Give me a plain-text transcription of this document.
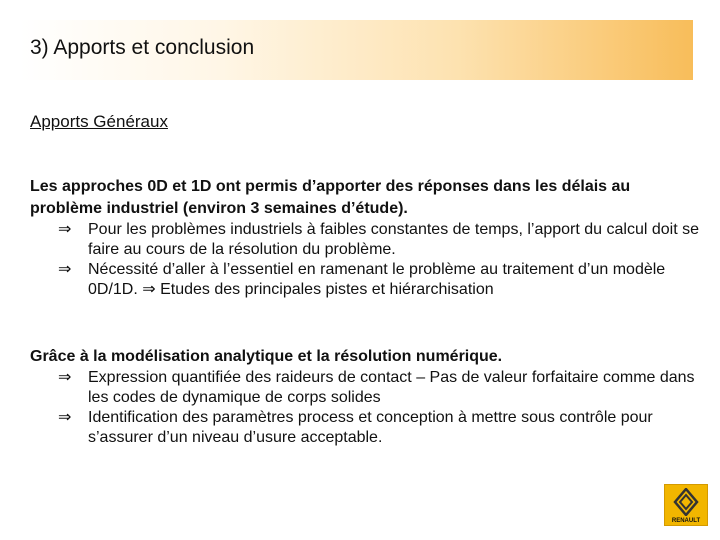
3) Apports et conclusion
Apports Généraux
Les approches 0D et 1D ont permis d’apporter des réponses dans les délais au problème industriel (environ 3 semaines d’étude).
⇒ Pour les problèmes industriels à faibles constantes de temps, l’apport du calcul doit se faire au cours de la résolution du problème.
⇒ Nécessité d’aller à l’essentiel en ramenant le problème au traitement d’un modèle 0D/1D. ⇒ Etudes des principales pistes et hiérarchisation
Grâce à la modélisation analytique et la résolution numérique.
⇒ Expression quantifiée des raideurs de contact – Pas de valeur forfaitaire comme dans les codes de dynamique de corps solides
⇒ Identification des paramètres process et conception à mettre sous contrôle pour s’assurer d’un niveau d’usure acceptable.
RENAULT
